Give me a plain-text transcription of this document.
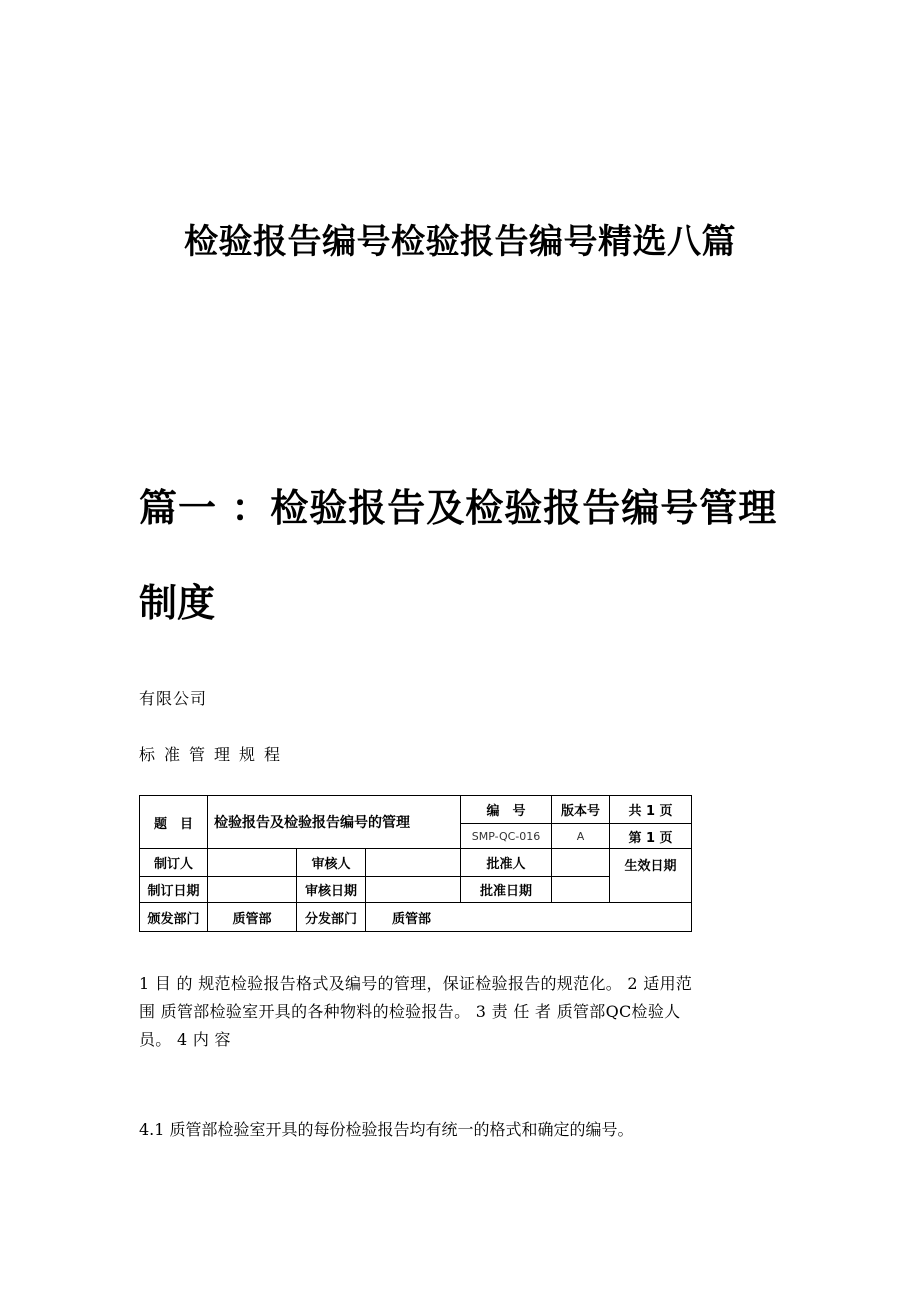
检验报告编号检验报告编号精选八篇
篇一 ：检验报告及检验报告编号管理
制度

有限公司

标准管理规程

题　目	检验报告及检验报告编号的管理			编　号	版本号	共 1 页
				SMP-QC-016	A	第 1 页
制订人		审核人		批准人		生效日期
制订日期		审核日期		批准日期		
颁发部门	质管部	分发部门	质管部			
1 目 的 规范检验报告格式及编号的管理，保证检验报告的规范化。 2 适用范
围 质管部检验室开具的各种物料的检验报告。 3 责 任 者 质管部QC检验人
员。 4 内 容

4.1 质管部检验室开具的每份检验报告均有统一的格式和确定的编号。
